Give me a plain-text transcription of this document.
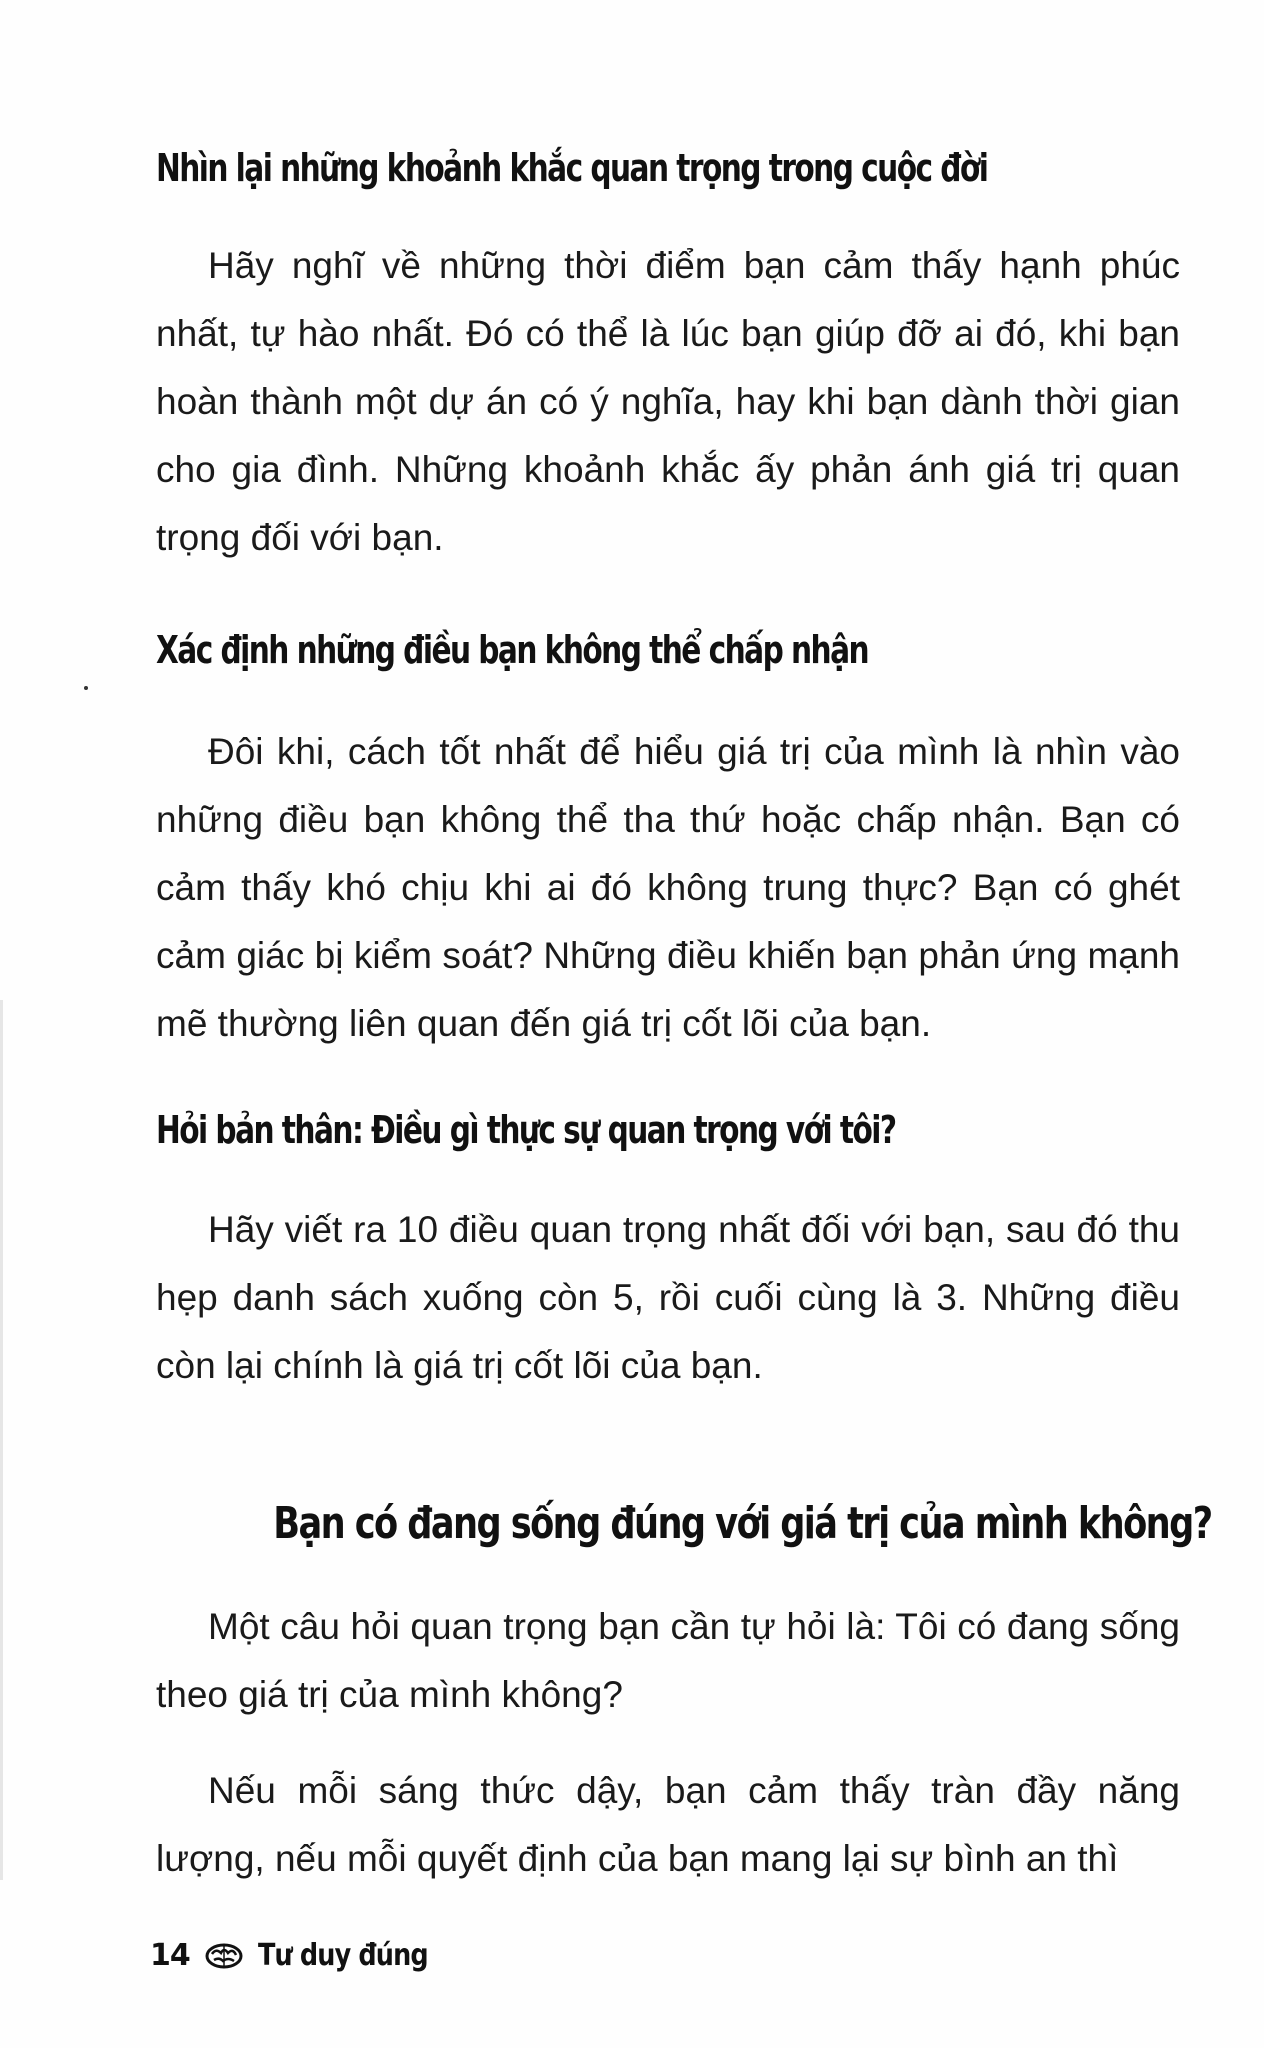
Nhìn lại những khoảnh khắc quan trọng trong cuộc đời

Hãy nghĩ về những thời điểm bạn cảm thấy hạnh phúc nhất, tự hào nhất. Đó có thể là lúc bạn giúp đỡ ai đó, khi bạn hoàn thành một dự án có ý nghĩa, hay khi bạn dành thời gian cho gia đình. Những khoảnh khắc ấy phản ánh giá trị quan trọng đối với bạn.

Xác định những điều bạn không thể chấp nhận

Đôi khi, cách tốt nhất để hiểu giá trị của mình là nhìn vào những điều bạn không thể tha thứ hoặc chấp nhận. Bạn có cảm thấy khó chịu khi ai đó không trung thực? Bạn có ghét cảm giác bị kiểm soát? Những điều khiến bạn phản ứng mạnh mẽ thường liên quan đến giá trị cốt lõi của bạn.

Hỏi bản thân: Điều gì thực sự quan trọng với tôi?

Hãy viết ra 10 điều quan trọng nhất đối với bạn, sau đó thu hẹp danh sách xuống còn 5, rồi cuối cùng là 3. Những điều còn lại chính là giá trị cốt lõi của bạn.

Bạn có đang sống đúng với giá trị của mình không?

Một câu hỏi quan trọng bạn cần tự hỏi là: Tôi có đang sống theo giá trị của mình không?

Nếu mỗi sáng thức dậy, bạn cảm thấy tràn đầy năng lượng, nếu mỗi quyết định của bạn mang lại sự bình an thì

14 Tư duy đúng
